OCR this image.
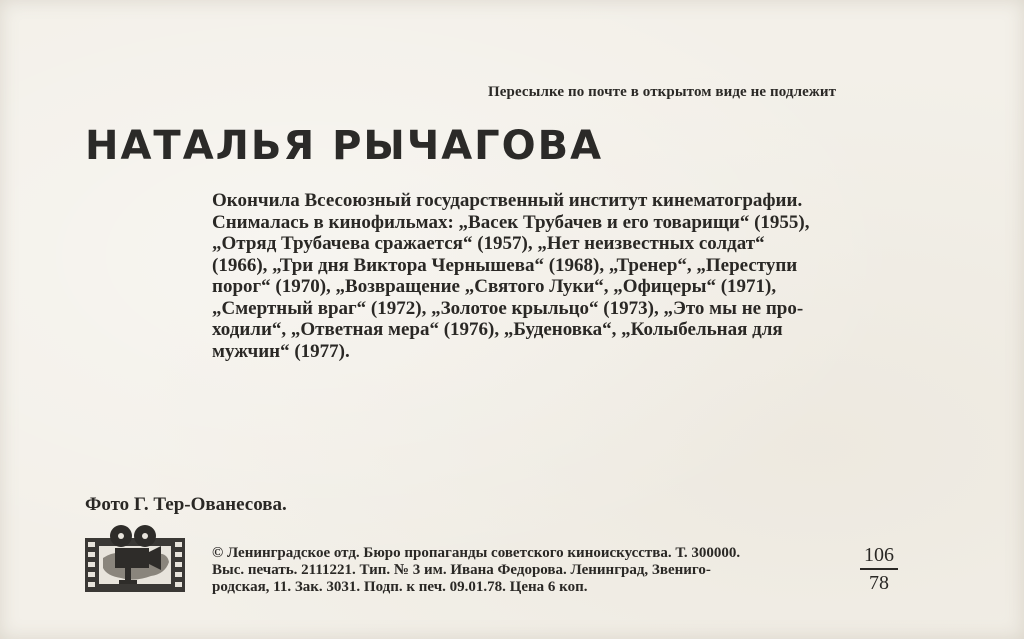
Пересылке по почте в открытом виде не подлежит
НАТАЛЬЯ РЫЧАГОВА

Окончила Всесоюзный государственный институт кинематографии.

Снималась в кинофильмах: „Васек Трубачев и его товарищи“ (1955),

„Отряд Трубачева сражается“ (1957), „Нет неизвестных солдат“

(1966), „Три дня Виктора Чернышева“ (1968), „Тренер“, „Переступи

порог“ (1970), „Возвращение „Святого Луки“, „Офицеры“ (1971),

„Смертный враг“ (1972), „Золотое крыльцо“ (1973), „Это мы не про-

ходили“, „Ответная мера“ (1976), „Буденовка“, „Колыбельная для

мужчин“ (1977).

Фото Г. Тер-Ованесова.

© Ленинградское отд. Бюро пропаганды советского киноискусства. Т. 300000.

Выс. печать. 2111221. Тип. № 3 им. Ивана Федорова. Ленинград, Звениго-

родская, 11. Зак. 3031. Подп. к печ. 09.01.78. Цена 6 коп.

106
78
